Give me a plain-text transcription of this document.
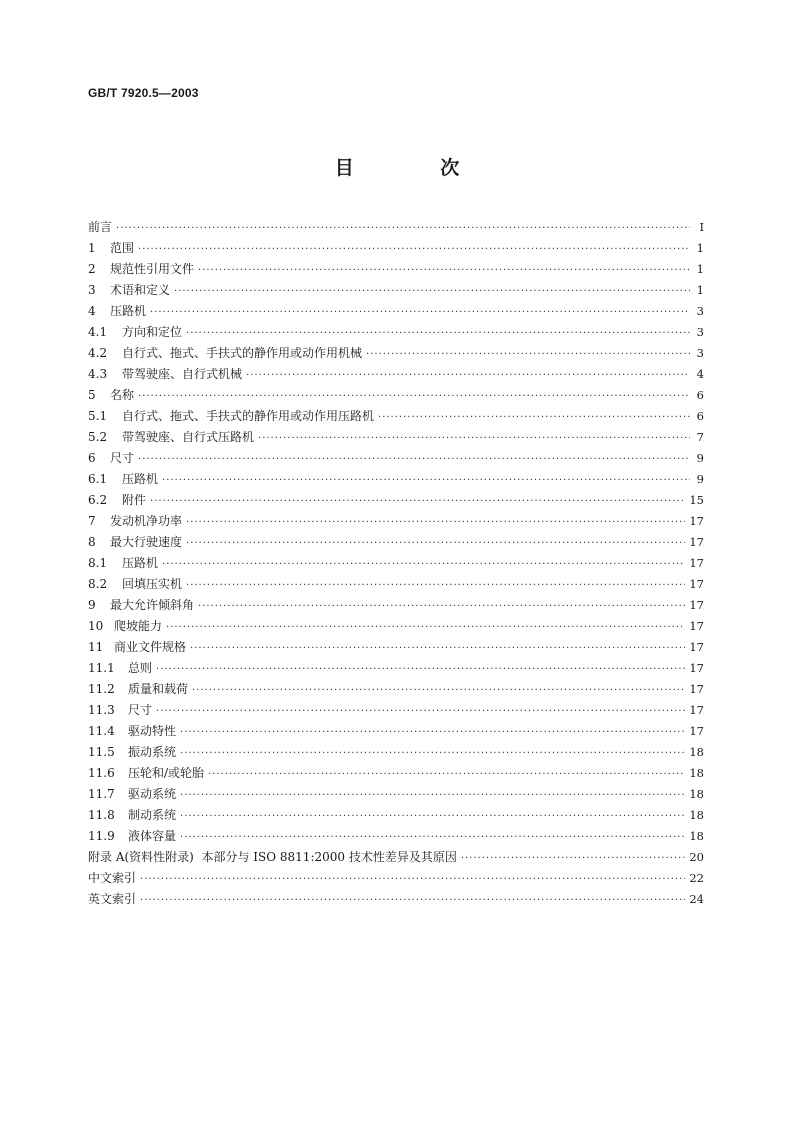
GB/T 7920.5—2003
目 次
前言 ·····	I
1	范围 ·····	1
2	规范性引用文件 ·····	1
3	术语和定义 ·····	1
4	压路机 ·····	3
4.1	方向和定位 ·····	3
4.2	自行式、拖式、手扶式的静作用或动作用机械 ·····	3
4.3	带驾驶座、自行式机械 ·····	4
5	名称 ·····	6
5.1	自行式、拖式、手扶式的静作用或动作用压路机 ·····	6
5.2	带驾驶座、自行式压路机 ·····	7
6	尺寸 ·····	9
6.1	压路机 ·····	9
6.2	附件 ·····	15
7	发动机净功率 ·····	17
8	最大行驶速度 ·····	17
8.1	压路机 ·····	17
8.2	回填压实机 ·····	17
9	最大允许倾斜角 ·····	17
10 爬坡能力 ·····	17
11 商业文件规格 ·····	17
11.1	总则 ·····	17
11.2	质量和载荷 ·····	17
11.3	尺寸 ·····	17
11.4	驱动特性 ·····	17
11.5	振动系统 ·····	18
11.6	压轮和/或轮胎 ·····	18
11.7	驱动系统 ·····	18
11.8	制动系统 ·····	18
11.9	液体容量 ·····	18
附录 A(资料性附录)  本部分与 ISO 8811:2000 技术性差异及其原因 ·····	20
中文索引 ·····	22
英文索引 ·····	24
